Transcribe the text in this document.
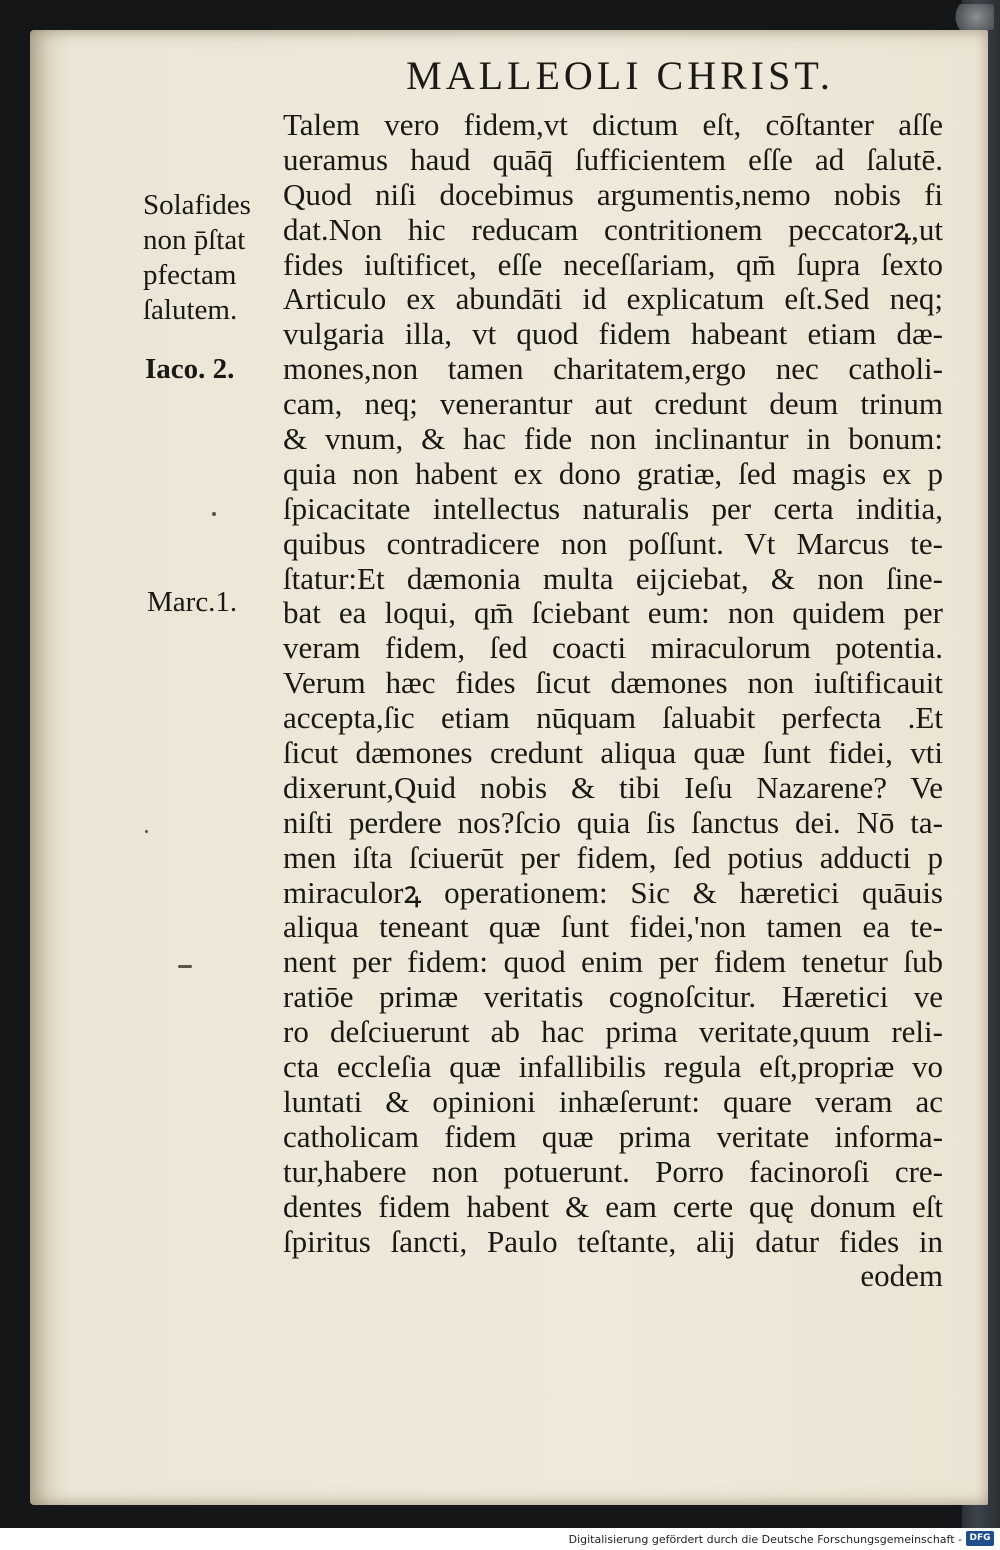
MALLEOLI CHRIST.
Solafides
non p̄ſtat
pfectam
ſalutem.
Iaco. 2.
Marc.1.
Talem vero fidem,vt dictum eſt, cōſtanter aſſe
ueramus haud quāq̄ ſufficientem eſſe ad ſalutē.
Quod niſi docebimus argumentis,nemo nobis fi
dat.Non hic reducam contritionem peccatorꝝ,ut
fides iuſtificet, eſſe neceſſariam, qm̄ ſupra ſexto
Articulo ex abundāti id explicatum eſt.Sed neq;
vulgaria illa, vt quod fidem habeant etiam dæ-
mones,non tamen charitatem,ergo nec catholi-
cam, neq; venerantur aut credunt deum trinum
& vnum, & hac fide non inclinantur in bonum:
quia non habent ex dono gratiæ, ſed magis ex p
ſpicacitate intellectus naturalis per certa inditia,
quibus contradicere non poſſunt. Vt Marcus te-
ſtatur:Et dæmonia multa eijciebat, & non ſine-
bat ea loqui, qm̄ ſciebant eum: non quidem per
veram fidem, ſed coacti miraculorum potentia.
Verum hæc fides ſicut dæmones non iuſtificauit
accepta,ſic etiam nūquam ſaluabit perfecta .Et
ſicut dæmones credunt aliqua quæ ſunt fidei, vti
dixerunt,Quid nobis & tibi Ieſu Nazarene? Ve
niſti perdere nos?ſcio quia ſis ſanctus dei. Nō ta-
men iſta ſciuerūt per fidem, ſed potius adducti p
miraculorꝝ operationem: Sic & hæretici quāuis
aliqua teneant quæ ſunt fidei,'non tamen ea te-
nent per fidem: quod enim per fidem tenetur ſub
ratiōe primæ veritatis cognoſcitur. Hæretici ve
ro deſciuerunt ab hac prima veritate,quum reli-
cta eccleſia quæ infallibilis regula eſt,propriæ vo
luntati & opinioni inhæſerunt: quare veram ac
catholicam fidem quæ prima veritate informa-
tur,habere non potuerunt. Porro facinoroſi cre-
dentes fidem habent & eam certe quę donum eſt
ſpiritus ſancti, Paulo teſtante, alij datur fides in
eodem
Digitalisierung gefördert durch die Deutsche Forschungsgemeinschaft - DFG
